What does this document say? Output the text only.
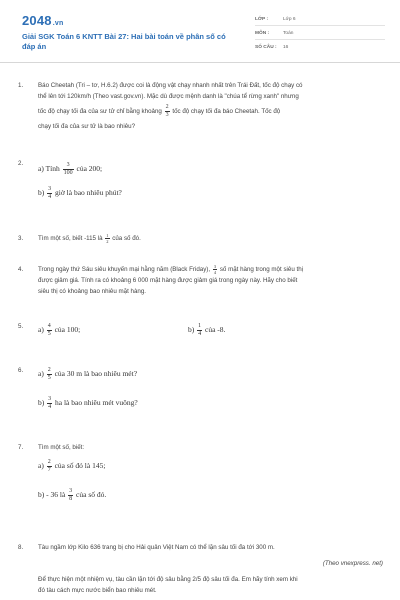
2048.vn
Giải SGK Toán 6 KNTT Bài 27: Hai bài toán về phân số có đáp án
LỚP :	Lớp 6
MÔN :	Toán
SỐ CÂU : 16
1.	Báo Cheetah (Tri – tơ, H.6.2) được coi là động vật chạy nhanh nhất trên Trái Đất, tốc độ chạy có

thể lên tới 120km/h (Theo vast.gov.vn). Mặc dù được mệnh danh là "chúa tể rừng xanh" nhưng

tốc độ chạy tối đa của sư tử chỉ bằng khoảng $\frac{2}{3}$ tốc độ chạy tối đa báo Cheetah. Tốc độ

chạy tối đa của sư tử là bao nhiêu?

2.

a) Tính $\frac{3}{100}$ của 200;

$b) \frac{3}{4}$ giờ là bao nhiêu phút?

3.	Tìm một số, biết -115 là $\frac{1}{2}$ của số đó.

4.	Trong ngày thứ Sáu siêu khuyến mại hằng năm (Black Friday), $\frac{3}{4}$ số mặt hàng trong một siêu thị

được giảm giá. Tính ra có khoảng 6 000 mặt hàng được giảm giá trong ngày này. Hãy cho biết

siêu thị có khoảng bao nhiêu mặt hàng.

5.	$a) \frac{4}{5}$ của 100;	$b) \frac{1}{4}$ của -8.
6.	$a) \frac{2}{5}$ của 30 m là bao nhiêu mét?

$b) \frac{3}{4}$ ha là bao nhiêu mét vuông?

7.	Tìm một số, biết:

$a) \frac{2}{7}$ của số đó là 145;

b) - 36 là $\frac{3}{8}$ của số đó.

8.	Tàu ngầm lớp Kilo 636 trang bị cho Hải quân Việt Nam có thể lặn sâu tối đa tới 300 m.

(Theo vnexpress. net)

Để thực hiện một nhiệm vụ, tàu cần lặn tới độ sâu bằng 2/5 độ sâu tối đa. Em hãy tính xem khi

đó tàu cách mực nước biển bao nhiêu mét.
